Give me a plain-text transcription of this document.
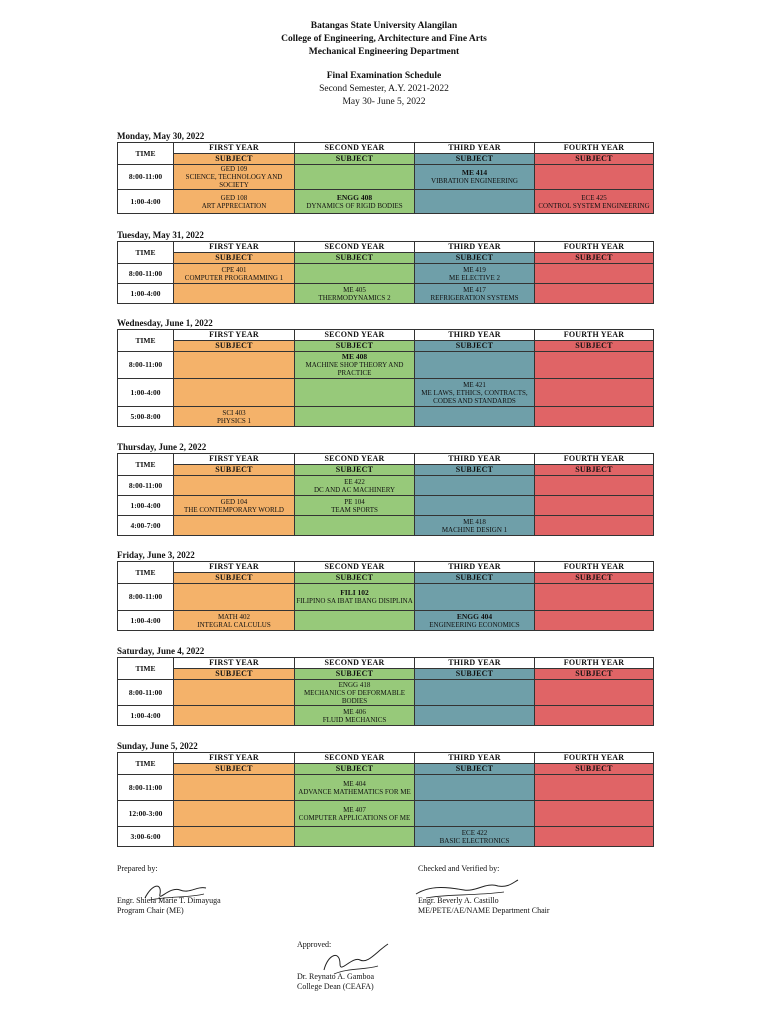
Batangas State University Alangilan
College of Engineering, Architecture and Fine Arts
Mechanical Engineering Department
Final Examination Schedule
Second Semester, A.Y. 2021-2022
May 30- June 5, 2022
Monday, May 30, 2022
TIME	FIRST YEAR	SECOND YEAR	THIRD YEAR	FOURTH YEAR
	SUBJECT	SUBJECT	SUBJECT	SUBJECT
8:00-11:00	GED 109
SCIENCE, TECHNOLOGY AND SOCIETY		ME 414
VIBRATION ENGINEERING	

1:00-4:00	GED 108
ART APPRECIATION	ENGG 408
DYNAMICS OF RIGID BODIES		ECE 425
CONTROL SYSTEM ENGINEERING
Tuesday, May 31, 2022
TIME	FIRST YEAR	SECOND YEAR	THIRD YEAR	FOURTH YEAR
	SUBJECT	SUBJECT	SUBJECT	SUBJECT
8:00-11:00	CPE 401
COMPUTER PROGRAMMING 1		ME 419
ME ELECTIVE 2	

1:00-4:00		ME 405
THERMODYNAMICS 2	ME 417
REFRIGERATION SYSTEMS	

Wednesday, June 1, 2022
TIME	FIRST YEAR	SECOND YEAR	THIRD YEAR	FOURTH YEAR
	SUBJECT	SUBJECT	SUBJECT	SUBJECT
8:00-11:00		ME 408
MACHINE SHOP THEORY AND PRACTICE		

1:00-4:00			ME 421
ME LAWS, ETHICS, CONTRACTS, CODES AND STANDARDS	

5:00-8:00	SCI 403
PHYSICS 1			

Thursday, June 2, 2022
TIME	FIRST YEAR	SECOND YEAR	THIRD YEAR	FOURTH YEAR
	SUBJECT	SUBJECT	SUBJECT	SUBJECT
8:00-11:00		EE 422
DC AND AC MACHINERY		

1:00-4:00	GED 104
THE CONTEMPORARY WORLD	PE 104
TEAM SPORTS		

4:00-7:00			ME 418
MACHINE DESIGN 1	

Friday, June 3, 2022
TIME	FIRST YEAR	SECOND YEAR	THIRD YEAR	FOURTH YEAR
	SUBJECT	SUBJECT	SUBJECT	SUBJECT
8:00-11:00		FILI 102
FILIPINO SA IBAT IBANG DISIPLINA		

1:00-4:00	MATH 402
INTEGRAL CALCULUS		ENGG 404
ENGINEERING ECONOMICS	

Saturday, June 4, 2022
TIME	FIRST YEAR	SECOND YEAR	THIRD YEAR	FOURTH YEAR
	SUBJECT	SUBJECT	SUBJECT	SUBJECT
8:00-11:00		ENGG 418
MECHANICS OF DEFORMABLE BODIES		

1:00-4:00		ME 406
FLUID MECHANICS		

Sunday, June 5, 2022
TIME	FIRST YEAR	SECOND YEAR	THIRD YEAR	FOURTH YEAR
	SUBJECT	SUBJECT	SUBJECT	SUBJECT
8:00-11:00		ME 404
ADVANCE MATHEMATICS FOR ME		

12:00-3:00		ME 407
COMPUTER APPLICATIONS OF ME		

3:00-6:00			ECE 422
BASIC ELECTRONICS	

Prepared by:
Engr. Shiela Marie T. Dimayuga
Program Chair (ME)
Checked and Verified by:
Engr. Beverly A. Castillo
ME/PETE/AE/NAME Department Chair
Approved:
Dr. Reynato A. Gamboa
College Dean (CEAFA)
